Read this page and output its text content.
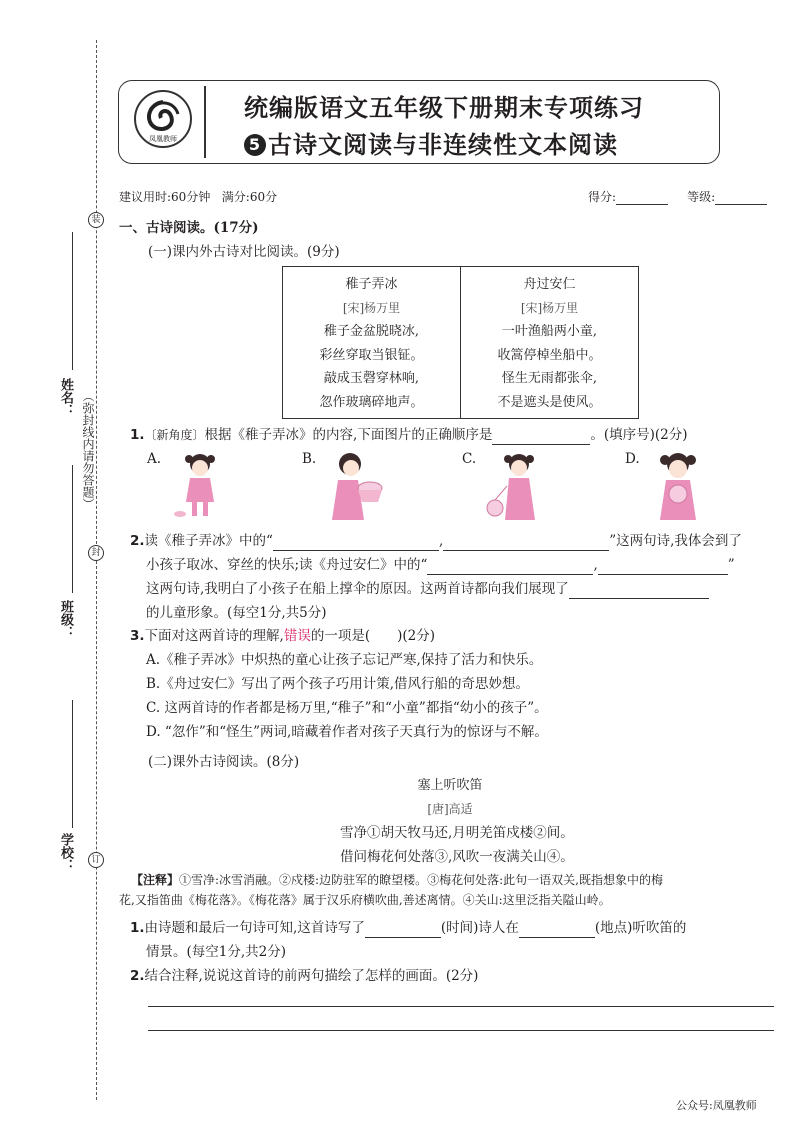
装
封
订
（弥封线内请勿答题）
姓名：
班级：
学校：
凤凰教师
统编版语文五年级下册期末专项练习
5 古诗文阅读与非连续性文本阅读
建议用时:60分钟 满分:60分	得分:	等级:
一、古诗阅读。(17分)
(一)课内外古诗对比阅读。(9分)
稚子弄冰
[宋]杨万里
稚子金盆脱晓冰,
彩丝穿取当银钲。
敲成玉磬穿林响,
忽作玻璃碎地声。

舟过安仁
[宋]杨万里
一叶渔船两小童,
收篙停棹坐船中。
怪生无雨都张伞,
不是遮头是使风。
1.〔新角度〕根据《稚子弄冰》的内容,下面图片的正确顺序是	。(填序号)(2分)
A.	B.	C.	D.
2.读《稚子弄冰》中的“	,	”这两句诗,我体会到了
小孩子取冰、穿丝的快乐;读《舟过安仁》中的“	,	”
这两句诗,我明白了小孩子在船上撑伞的原因。这两首诗都向我们展现了
的儿童形象。(每空1分,共5分)
3.下面对这两首诗的理解,错误的一项是(　　)(2分)
A.《稚子弄冰》中炽热的童心让孩子忘记严寒,保持了活力和快乐。
B.《舟过安仁》写出了两个孩子巧用计策,借风行船的奇思妙想。
C. 这两首诗的作者都是杨万里,“稚子”和“小童”都指“幼小的孩子”。
D. “忽作”和“怪生”两词,暗藏着作者对孩子天真行为的惊讶与不解。
(二)课外古诗阅读。(8分)
塞上听吹笛
[唐]高适
雪净①胡天牧马还,月明羌笛戍楼②间。
借问梅花何处落③,风吹一夜满关山④。
【注释】①雪净:冰雪消融。②戍楼:边防驻军的瞭望楼。③梅花何处落:此句一语双关,既指想象中的梅
花,又指笛曲《梅花落》。《梅花落》属于汉乐府横吹曲,善述离情。④关山:这里泛指关隘山岭。
1.由诗题和最后一句诗可知,这首诗写了	(时间)诗人在	(地点)听吹笛的
情景。(每空1分,共2分)
2.结合注释,说说这首诗的前两句描绘了怎样的画面。(2分)
公众号:凤凰教师
